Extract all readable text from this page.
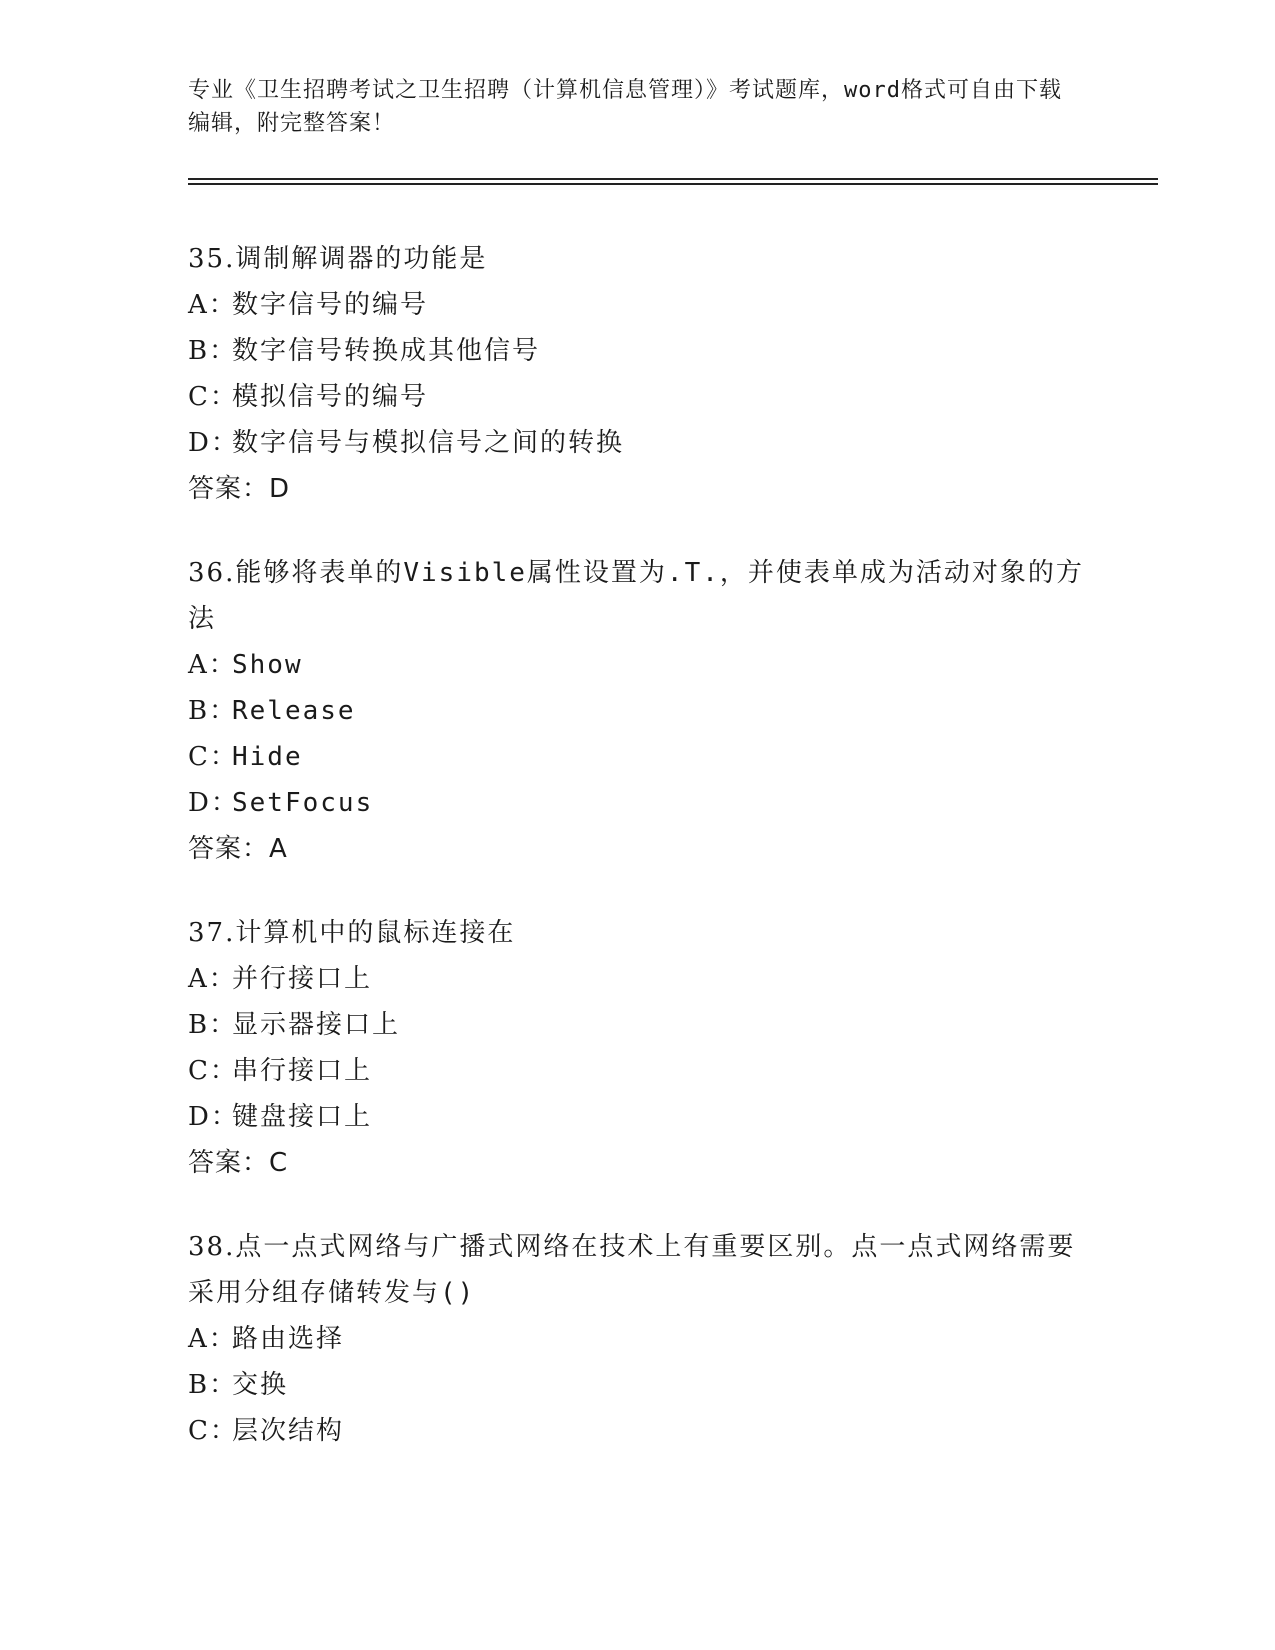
专业《卫生招聘考试之卫生招聘（计算机信息管理）》考试题库，word格式可自由下载编辑，附完整答案！
35.调制解调器的功能是
A：数字信号的编号
B：数字信号转换成其他信号
C：模拟信号的编号
D：数字信号与模拟信号之间的转换
答案：D
36.能够将表单的Visible属性设置为.T.，并使表单成为活动对象的方法
A：Show
B：Release
C：Hide
D：SetFocus
答案：A
37.计算机中的鼠标连接在
A：并行接口上
B：显示器接口上
C：串行接口上
D：键盘接口上
答案：C
38.点一点式网络与广播式网络在技术上有重要区别。点一点式网络需要采用分组存储转发与()
A：路由选择
B：交换
C：层次结构
